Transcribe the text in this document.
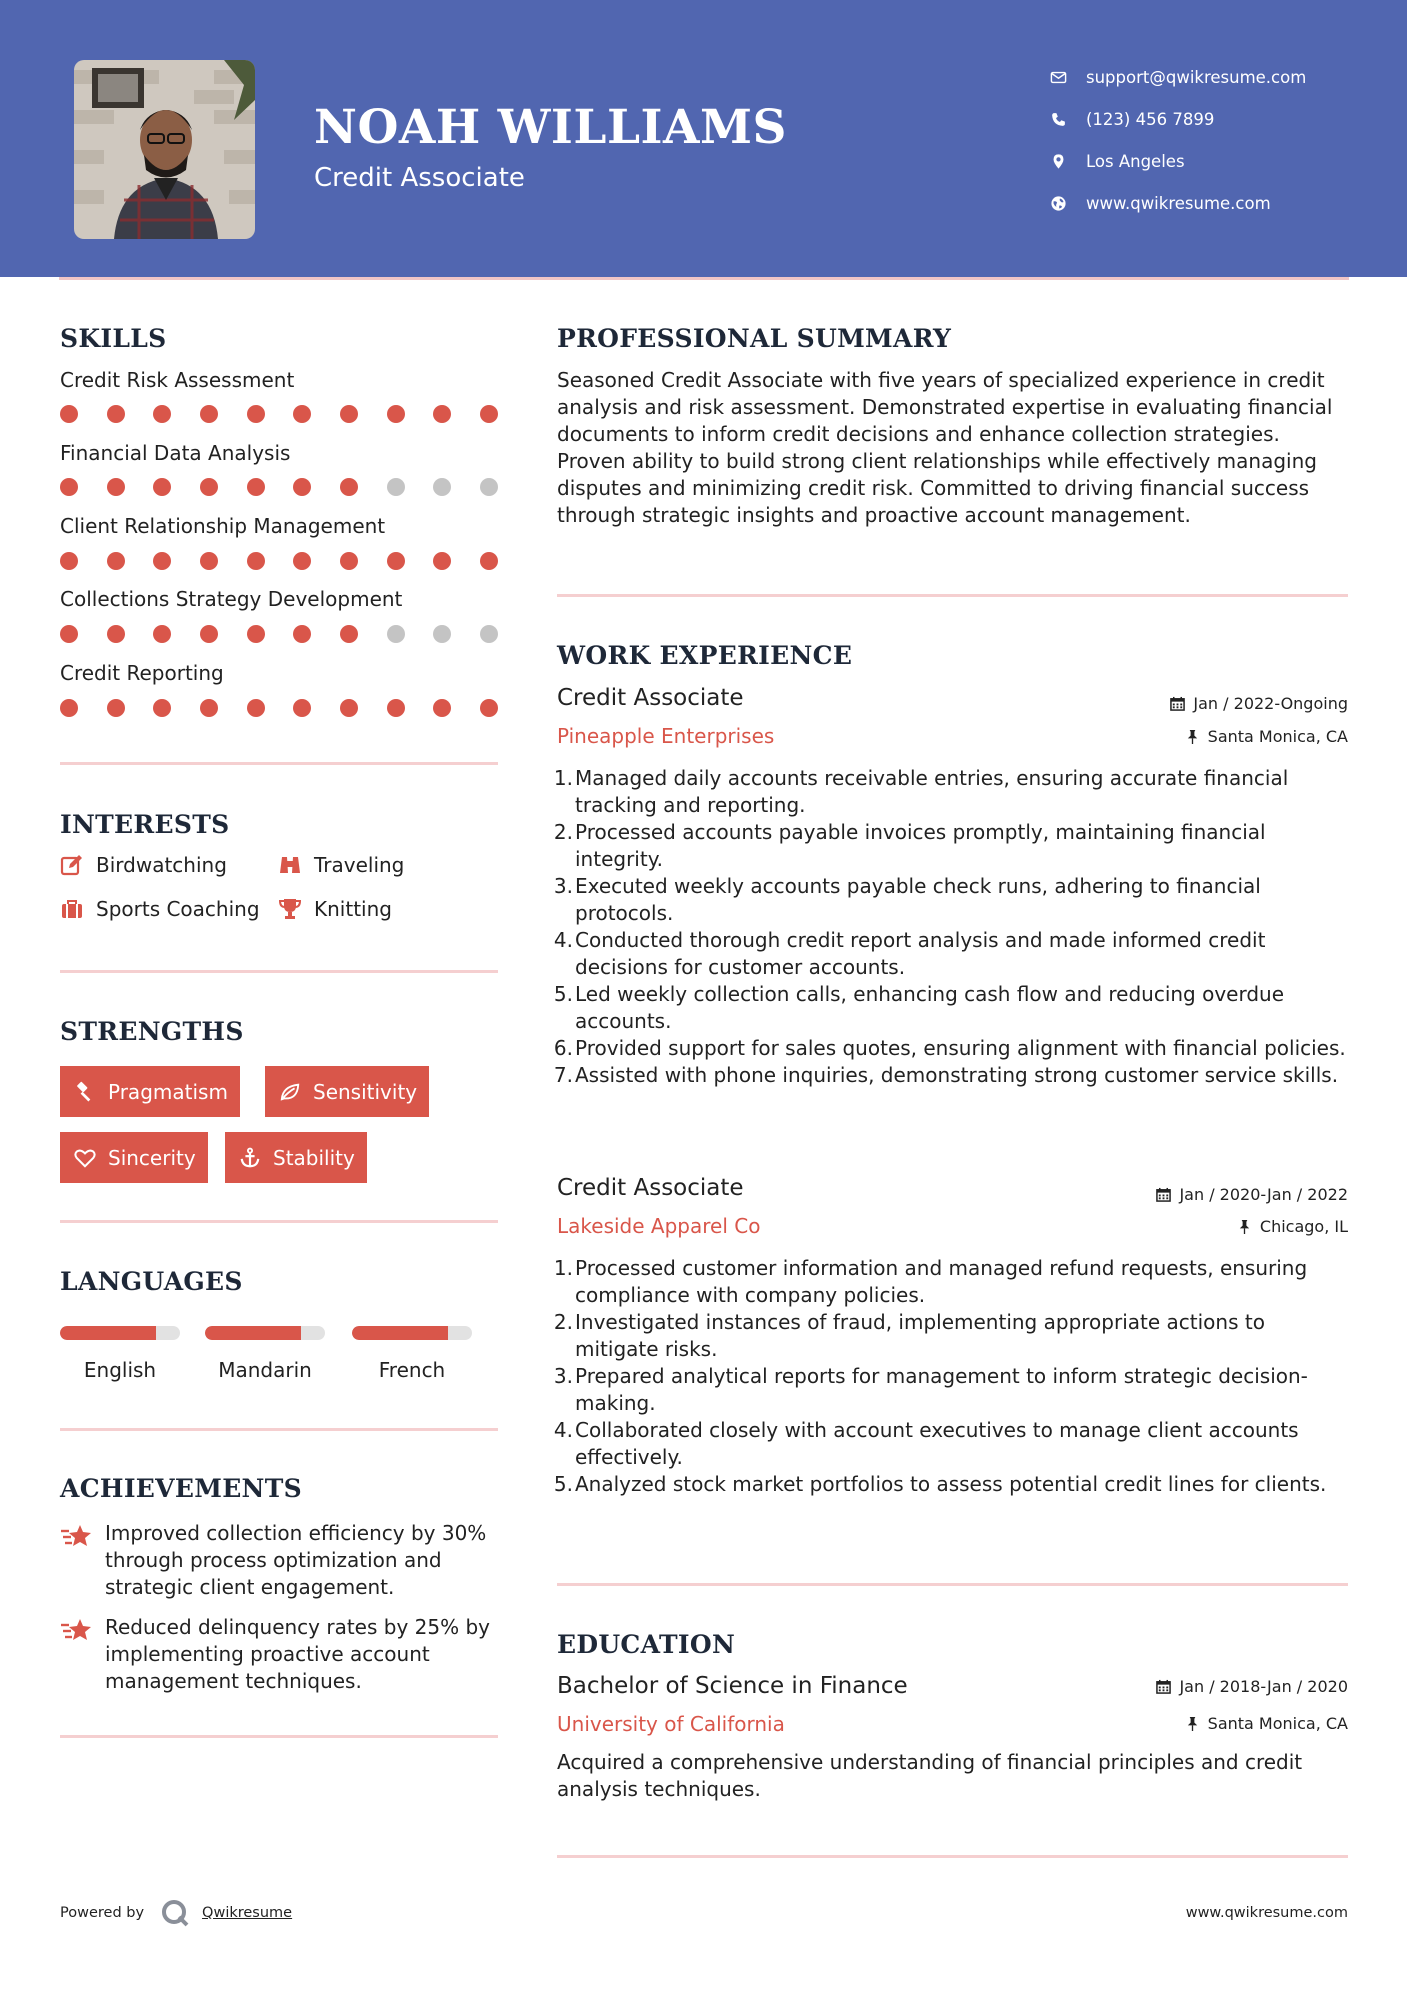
NOAH WILLIAMS
Credit Associate
support@qwikresume.com
(123) 456 7899
Los Angeles
www.qwikresume.com
SKILLS
Credit Risk Assessment
Financial Data Analysis
Client Relationship Management
Collections Strategy Development
Credit Reporting
INTERESTS
Birdwatching	Traveling
Sports Coaching	Knitting
STRENGTHS
Pragmatism	Sensitivity
Sincerity	Stability
LANGUAGES
English	Mandarin	French
ACHIEVEMENTS
Improved collection efficiency by 30% through process optimization and strategic client engagement.
Reduced delinquency rates by 25% by implementing proactive account management techniques.
PROFESSIONAL SUMMARY
Seasoned Credit Associate with five years of specialized experience in credit analysis and risk assessment. Demonstrated expertise in evaluating financial documents to inform credit decisions and enhance collection strategies. Proven ability to build strong client relationships while effectively managing disputes and minimizing credit risk. Committed to driving financial success through strategic insights and proactive account management.
WORK EXPERIENCE
Credit Associate	Jan / 2022-Ongoing
Pineapple Enterprises	Santa Monica, CA
1. Managed daily accounts receivable entries, ensuring accurate financial tracking and reporting.
2. Processed accounts payable invoices promptly, maintaining financial integrity.
3. Executed weekly accounts payable check runs, adhering to financial protocols.
4. Conducted thorough credit report analysis and made informed credit decisions for customer accounts.
5. Led weekly collection calls, enhancing cash flow and reducing overdue accounts.
6. Provided support for sales quotes, ensuring alignment with financial policies.
7. Assisted with phone inquiries, demonstrating strong customer service skills.
Credit Associate	Jan / 2020-Jan / 2022
Lakeside Apparel Co	Chicago, IL
1. Processed customer information and managed refund requests, ensuring compliance with company policies.
2. Investigated instances of fraud, implementing appropriate actions to mitigate risks.
3. Prepared analytical reports for management to inform strategic decision-making.
4. Collaborated closely with account executives to manage client accounts effectively.
5. Analyzed stock market portfolios to assess potential credit lines for clients.
EDUCATION
Bachelor of Science in Finance	Jan / 2018-Jan / 2020
University of California	Santa Monica, CA
Acquired a comprehensive understanding of financial principles and credit analysis techniques.
Powered by	Qwikresume	www.qwikresume.com
